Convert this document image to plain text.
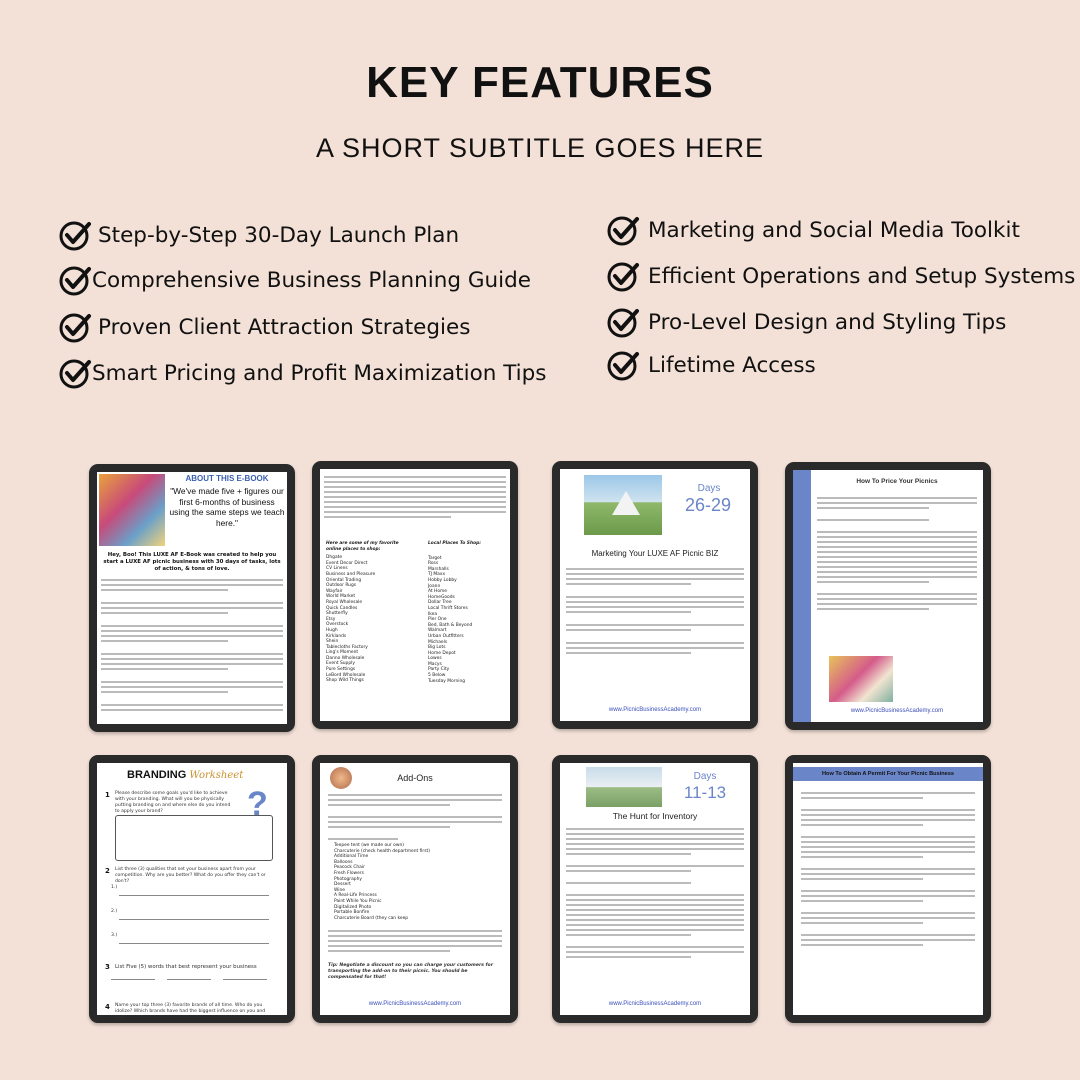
KEY FEATURES
A SHORT SUBTITLE GOES HERE
Step-by-Step 30-Day Launch Plan
Comprehensive Business Planning Guide
Proven Client Attraction Strategies
Smart Pricing and Profit Maximization Tips
Marketing and Social Media Toolkit
Efficient Operations and Setup Systems
Pro-Level Design and Styling Tips
Lifetime Access
ABOUT THIS E-BOOK
"We've made five + figures our first 6-months of business using the same steps we teach here."
Hey, Boo! This LUXE AF E-Book was created to help you start a LUXE AF picnic business with 30 days of tasks, lots of action, & tons of love.
Here are some of my favorite online places to shop:
Dhgate
Event Decor Direct
CV Linens
Business and Pleasure
Oriental Trading
Outdoor Rugs
Wayfair
World Market
Royal Wholesale
Quick Candles
Shutterfly
Etsy
Overstock
Hugh
Kirklands
Shein
Tablecloths Factory
Ling's Moment
Danno Wholesale
Event Supply
Pure Settings
LeBord Wholesale
Shop Wild Things
Local Places To Shop:
Target
Ross
Marshalls
TJ Maxx
Hobby Lobby
Joann
At Home
HomeGoods
Dollar Tree
Local Thrift Stores
Ikea
Pier One
Bed, Bath & Beyond
Walmart
Urban Outfitters
Michaels
Big Lots
Home Depot
Lowes
Macys
Party City
5 Below
Tuesday Morning
Days
26-29
Marketing Your LUXE AF Picnic BIZ
www.PicnicBusinessAcademy.com
How To Price Your Picnics
www.PicnicBusinessAcademy.com
BRANDING Worksheet
?
1 Please describe some goals you'd like to achieve with your branding. What will you be physically putting branding on and where else do you intend to apply your brand?
2 List three (3) qualities that set your business apart from your competition. Why are you better? What do you offer they can't or don't?
1.)
2.)
3.)
3 List Five (5) words that best represent your business
4 Name your top three (3) favorite brands of all time. Who do you idolize? Which brands have had the biggest influence on you and your
Add-Ons
Teepee tent (we made our own)
Charcuterie (check health department first)
Additional Time
Balloons
Peacock Chair
Fresh Flowers
Photography
Dessert
Wine
A Real-Life Princess
Paint While You Picnic
Digitalized Photo
Portable Bonfire
Charcuterie Board (they can keep
Tip: Negotiate a discount so you can charge your customers for transporting the add-on to their picnic. You should be compensated for that!
www.PicnicBusinessAcademy.com
Days
11-13
The Hunt for Inventory
www.PicnicBusinessAcademy.com
How To Obtain A Permit For Your Picnic Business
